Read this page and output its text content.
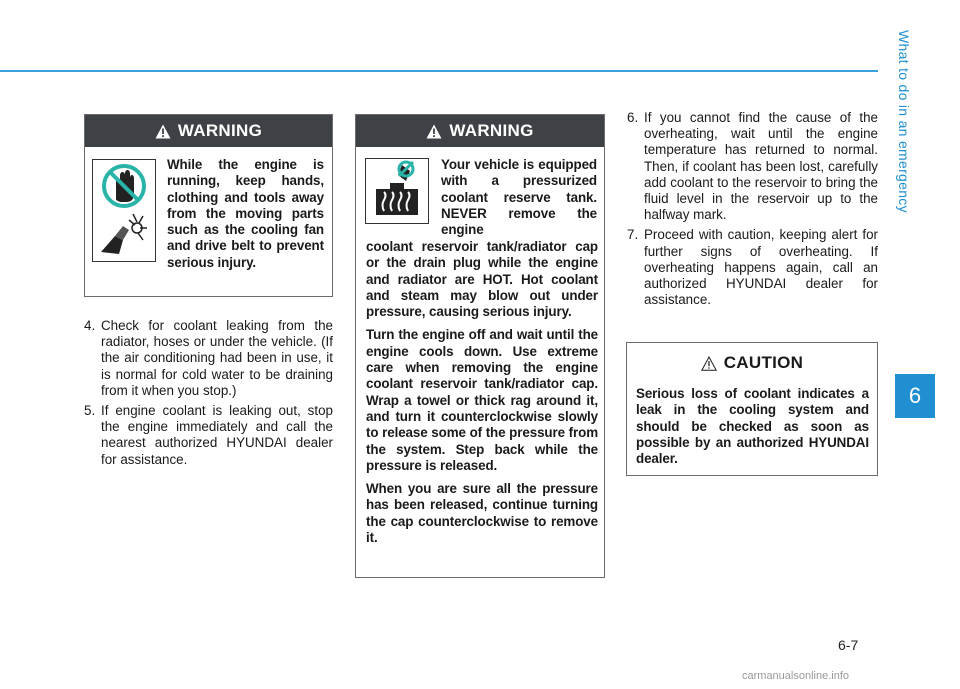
What to do in an emergency
6
WARNING
While the engine is running, keep hands, clothing and tools away from the moving parts such as the cooling fan and drive belt to prevent serious injury.
4. Check for coolant leaking from the radiator, hoses or under the vehicle. (If the air conditioning had been in use, it is normal for cold water to be draining from it when you stop.)
5. If engine coolant is leaking out, stop the engine immediately and call the nearest authorized HYUNDAI dealer for assistance.
WARNING
Your vehicle is equipped with a pressurized coolant reserve tank. NEVER remove the engine

coolant reservoir tank/radiator cap or the drain plug while the engine and radiator are HOT. Hot coolant and steam may blow out under pressure, causing serious injury.

Turn the engine off and wait until the engine cools down. Use extreme care when removing the engine coolant reservoir tank/radiator cap. Wrap a towel or thick rag around it, and turn it counterclockwise slowly to release some of the pressure from the system. Step back while the pressure is released.

When you are sure all the pressure has been released, continue turning the cap counterclockwise to remove it.

6. If you cannot find the cause of the overheating, wait until the engine temperature has returned to normal. Then, if coolant has been lost, carefully add coolant to the reservoir to bring the fluid level in the reservoir up to the halfway mark.
7. Proceed with caution, keeping alert for further signs of overheating. If overheating happens again, call an authorized HYUNDAI dealer for assistance.
CAUTION
Serious loss of coolant indicates a leak in the cooling system and should be checked as soon as possible by an authorized HYUNDAI dealer.
6-7
carmanualsonline.info
